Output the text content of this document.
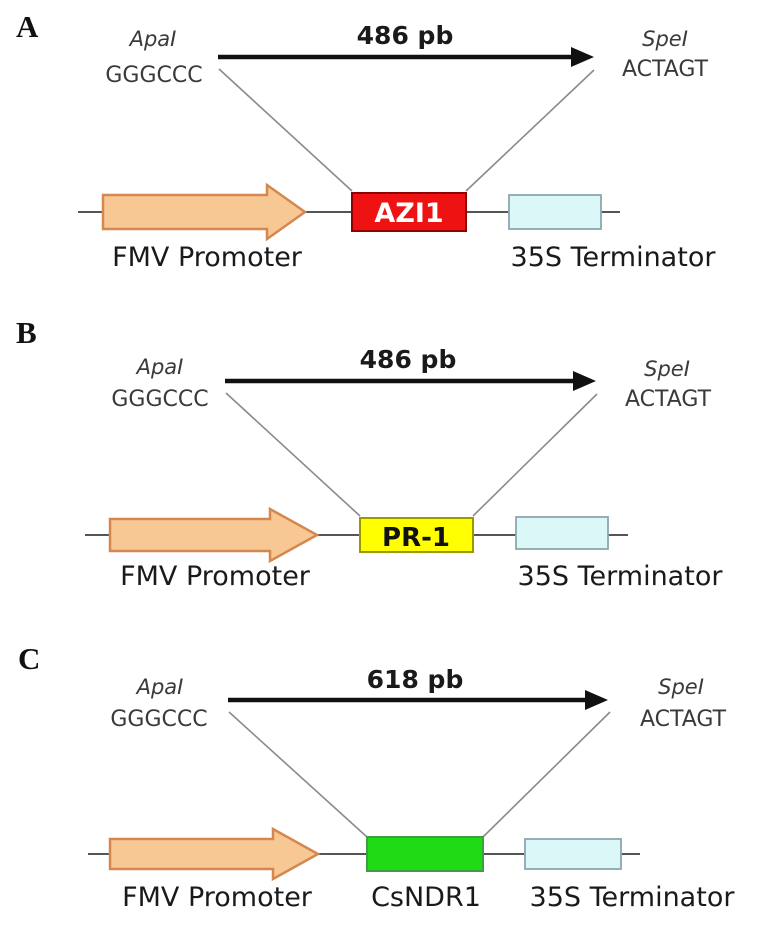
A	ApaI
GGGCCC
486 pb	SpeI
ACTAGT
AZI1
FMV Promoter	35S Terminator
B
ApaI
GGGCCC
486 pb	SpeI
ACTAGT
PR-1
FMV Promoter	35S Terminator
C
ApaI
GGGCCC
618 pb	SpeI
ACTAGT
FMV Promoter CsNDR1 35S Terminator
